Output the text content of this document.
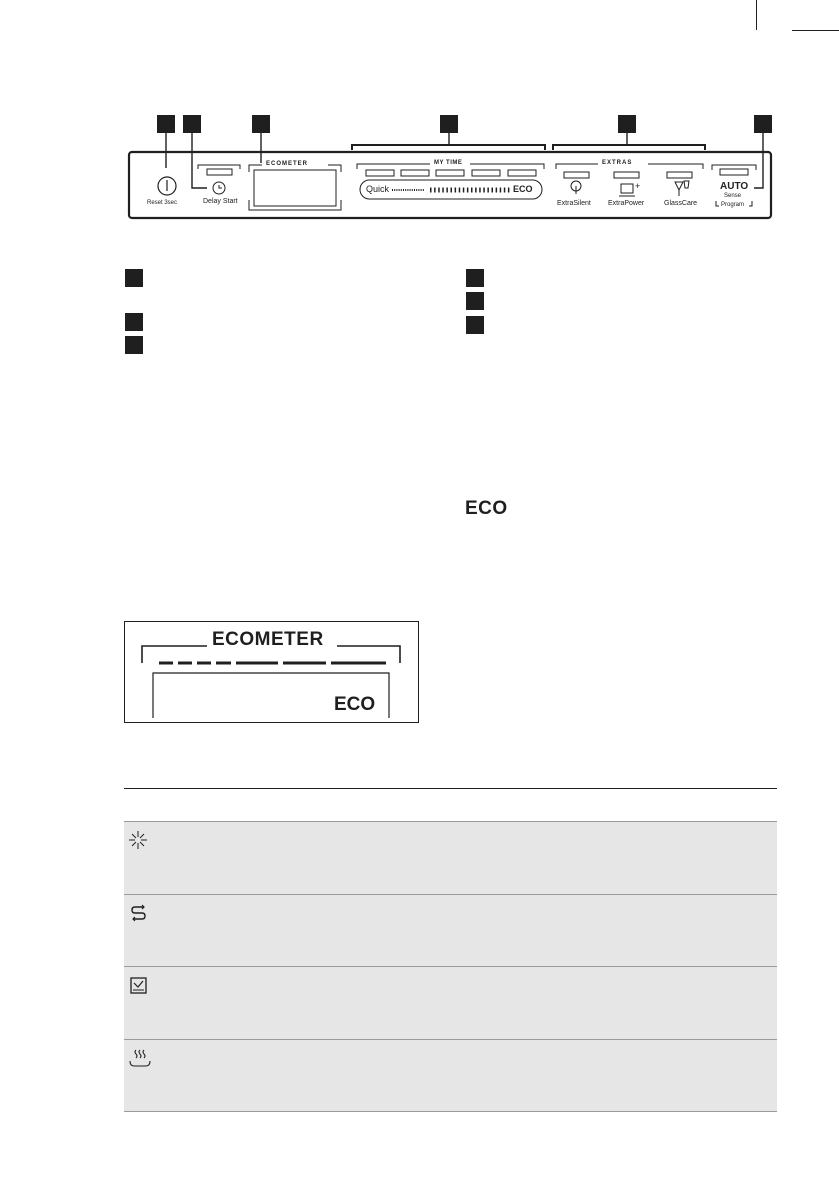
+
Reset 3sec	Delay Start
ECOMETER	MY TIME
Quick	ECO
EXTRAS
ExtraSilent ExtraPower	GlassCare
AUTO
Sense
Program
ECO
ECOMETER
ECO
